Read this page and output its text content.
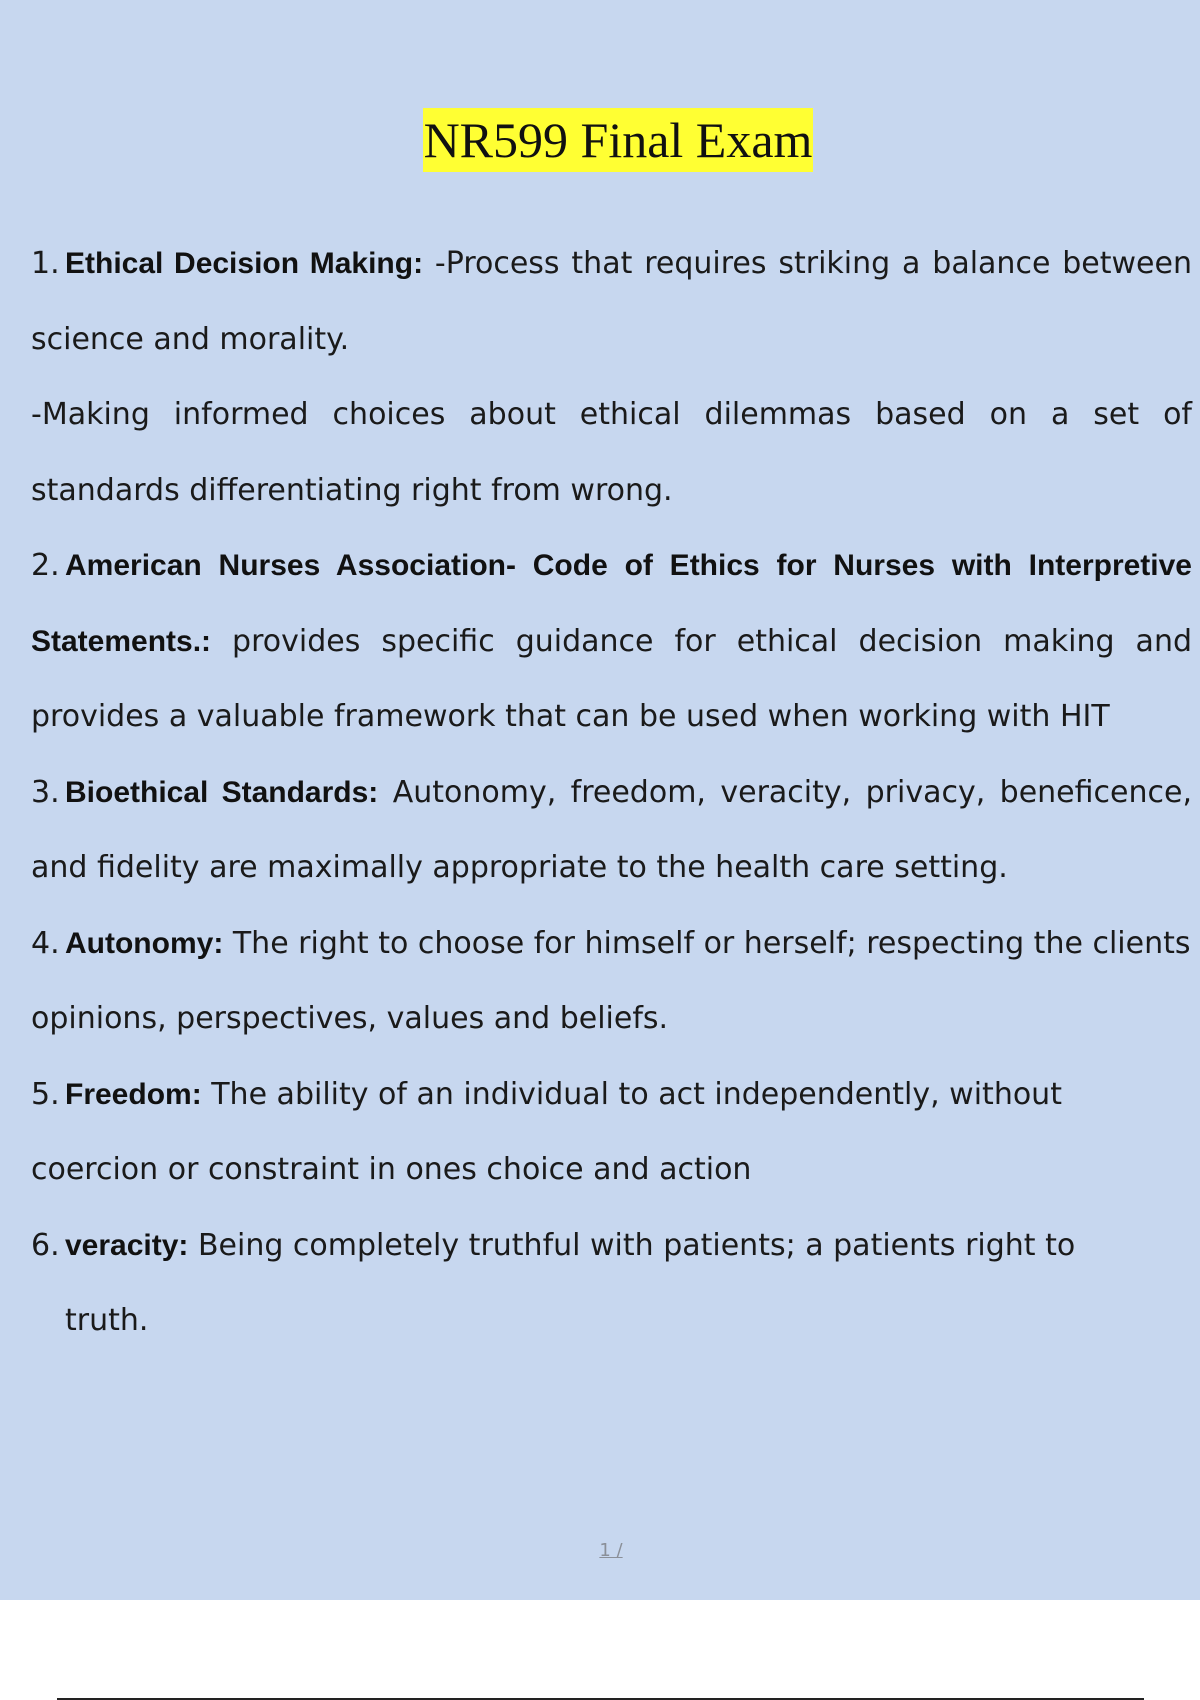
NR599 Final Exam

1. Ethical Decision Making: -Process that requires striking a balance between science and morality.

-Making informed choices about ethical dilemmas based on a set of standards differentiating right from wrong.

2. American Nurses Association- Code of Ethics for Nurses with Interpretive Statements.: provides specific guidance for ethical decision making and provides a valuable framework that can be used when working with HIT

3. Bioethical Standards: Autonomy, freedom, veracity, privacy, beneficence, and fidelity are maximally appropriate to the health care setting.

4. Autonomy: The right to choose for himself or herself; respecting the clients opinions, perspectives, values and beliefs.

5. Freedom: The ability of an individual to act independently, without coercion or constraint in ones choice and action

6. veracity: Being completely truthful with patients; a patients right to

truth.

1 /
